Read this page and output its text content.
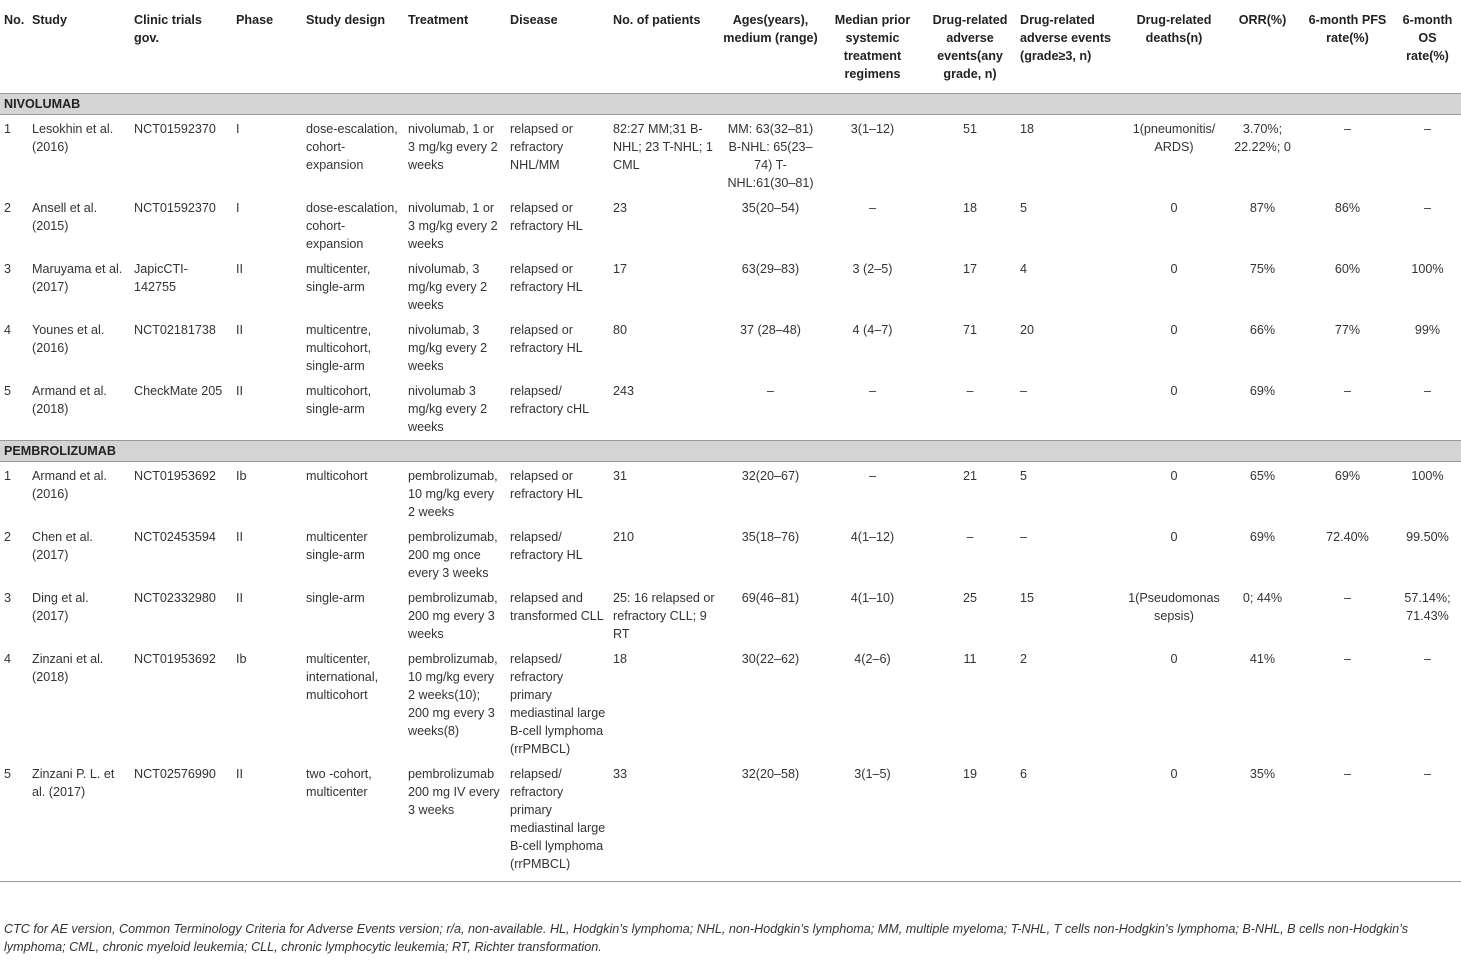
No.	Study	Clinic trials gov.	Phase	Study design	Treatment	Disease	No. of patients	Ages(years), medium (range)	Median prior systemic treatment regimens	Drug-related adverse events(any grade, n)	Drug-related adverse events (grade≥3, n)	Drug-related deaths(n)	ORR(%)	6-month PFS rate(%)	6-month OS rate(%)
NIVOLUMAB															
1	Lesokhin et al. (2016)	NCT01592370	I	dose-escalation, cohort-expansion	nivolumab, 1 or 3 mg/kg every 2 weeks	relapsed or refractory NHL/MM	82:27 MM;31 B-NHL; 23 T-NHL; 1 CML	MM: 63(32–81) B-NHL: 65(23–74) T-NHL:61(30–81)	3(1–12)	51	18	1(pneumonitis/ ARDS)	3.70%; 22.22%; 0	–	–
2	Ansell et al. (2015)	NCT01592370	I	dose-escalation, cohort-expansion	nivolumab, 1 or 3 mg/kg every 2 weeks	relapsed or refractory HL	23	35(20–54)	–	18	5	0	87%	86%	–
3	Maruyama et al. (2017)	JapicCTI-142755	II	multicenter, single-arm	nivolumab, 3 mg/kg every 2 weeks	relapsed or refractory HL	17	63(29–83)	3 (2–5)	17	4	0	75%	60%	100%
4	Younes et al. (2016)	NCT02181738	II	multicentre, multicohort, single-arm	nivolumab, 3 mg/kg every 2 weeks	relapsed or refractory HL	80	37 (28–48)	4 (4–7)	71	20	0	66%	77%	99%
5	Armand et al. (2018)	CheckMate 205	II	multicohort, single-arm	nivolumab 3 mg/kg every 2 weeks	relapsed/ refractory cHL	243	–	–	–	–	0	69%	–	–
PEMBROLIZUMAB															
1	Armand et al. (2016)	NCT01953692	Ib	multicohort	pembrolizumab, 10 mg/kg every 2 weeks	relapsed or refractory HL	31	32(20–67)	–	21	5	0	65%	69%	100%
2	Chen et al. (2017)	NCT02453594	II	multicenter single-arm	pembrolizumab, 200 mg once every 3 weeks	relapsed/ refractory HL	210	35(18–76)	4(1–12)	–	–	0	69%	72.40%	99.50%
3	Ding et al. (2017)	NCT02332980	II	single-arm	pembrolizumab, 200 mg every 3 weeks	relapsed and transformed CLL	25: 16 relapsed or refractory CLL; 9 RT	69(46–81)	4(1–10)	25	15	1(Pseudomonas sepsis)	0; 44%	–	57.14%; 71.43%
4	Zinzani et al. (2018)	NCT01953692	Ib	multicenter, international, multicohort	pembrolizumab, 10 mg/kg every 2 weeks(10); 200 mg every 3 weeks(8)	relapsed/ refractory primary mediastinal large B-cell lymphoma (rrPMBCL)	18	30(22–62)	4(2–6)	11	2	0	41%	–	–
5	Zinzani P. L. et al. (2017)	NCT02576990	II	two -cohort, multicenter	pembrolizumab 200 mg IV every 3 weeks	relapsed/ refractory primary mediastinal large B-cell lymphoma (rrPMBCL)	33	32(20–58)	3(1–5)	19	6	0	35%	–	–
CTC for AE version, Common Terminology Criteria for Adverse Events version; r/a, non-available. HL, Hodgkin’s lymphoma; NHL, non-Hodgkin’s lymphoma; MM, multiple myeloma; T-NHL, T cells non-Hodgkin’s lymphoma; B-NHL, B cells non-Hodgkin’s lymphoma; CML, chronic myeloid leukemia; CLL, chronic lymphocytic leukemia; RT, Richter transformation.
